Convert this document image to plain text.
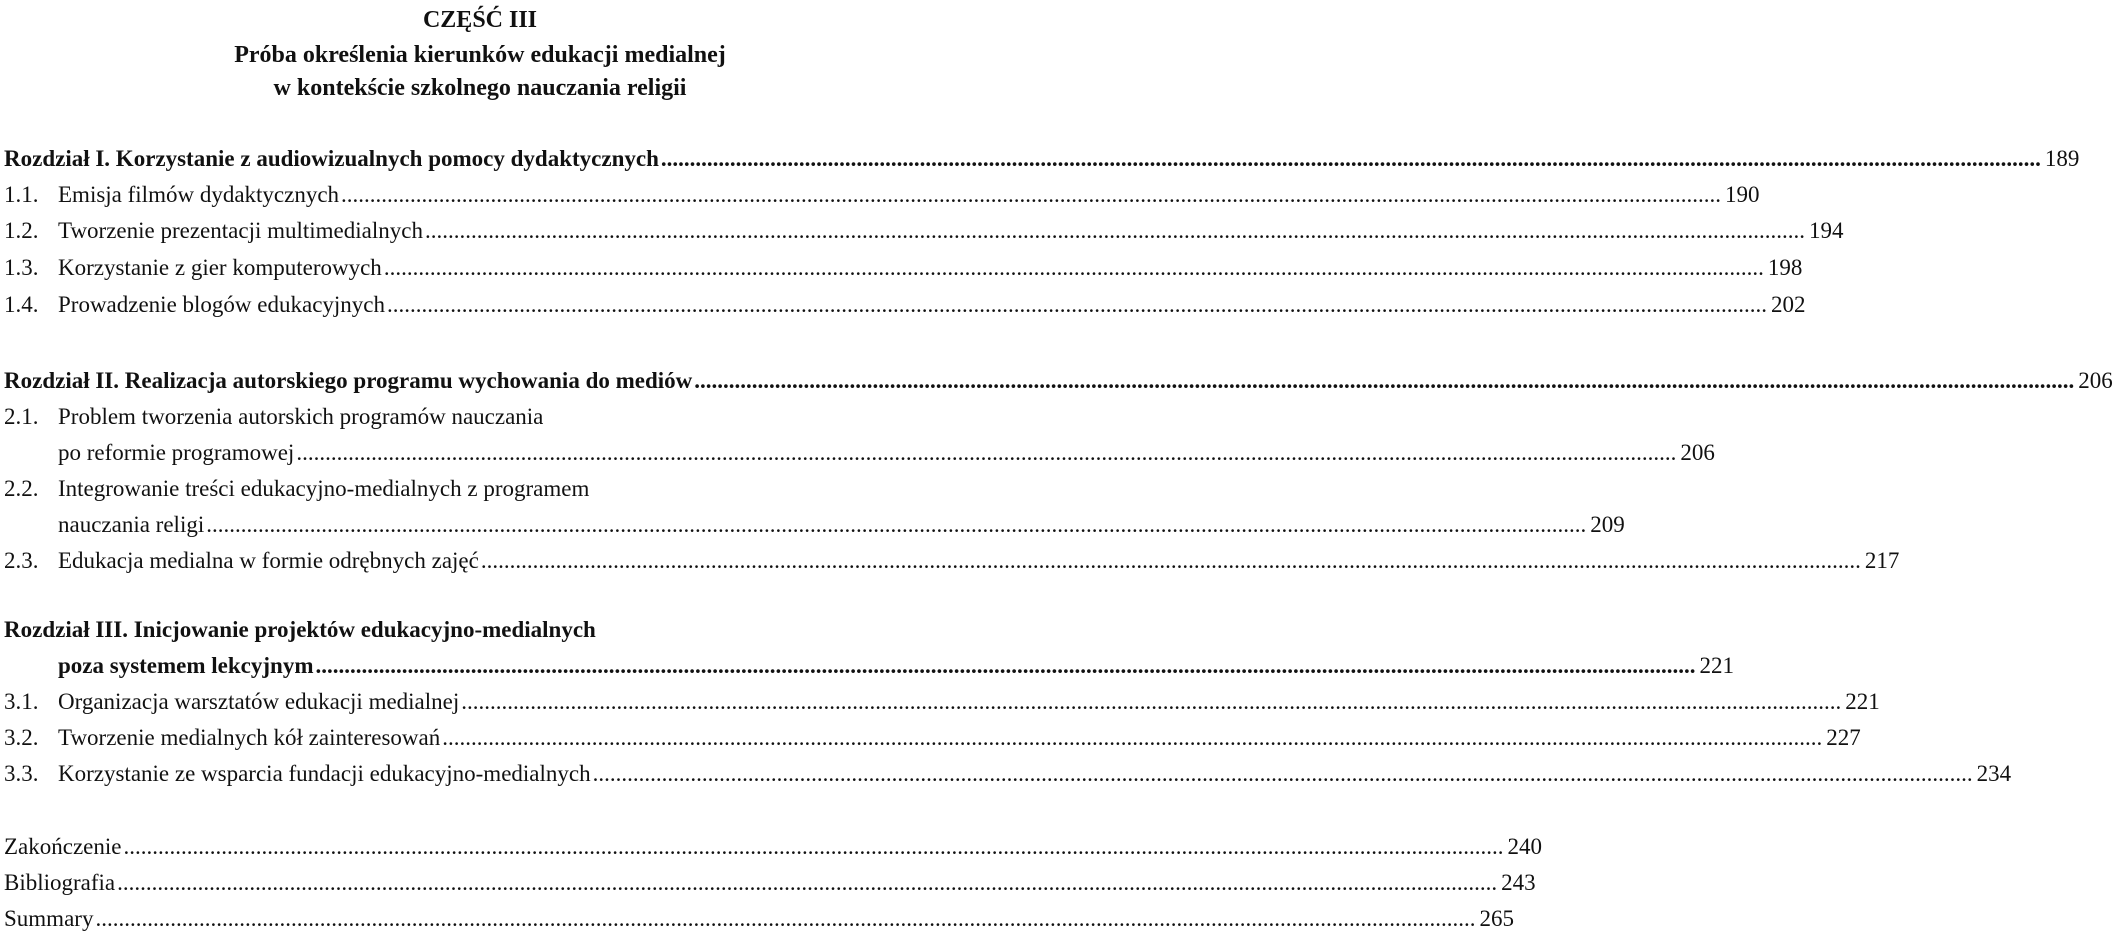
CZĘŚĆ III
Próba określenia kierunków edukacji medialnej
w kontekście szkolnego nauczania religii
Rozdział I. Korzystanie z audiowizualnych pomocy dydaktycznych .....	189
1.1. Emisja filmów dydaktycznych .....	190
1.2. Tworzenie prezentacji multimedialnych .....	194
1.3. Korzystanie z gier komputerowych .....	198
1.4. Prowadzenie blogów edukacyjnych .....	202
Rozdział II. Realizacja autorskiego programu wychowania do mediów .....	206
2.1. Problem tworzenia autorskich programów nauczania
po reformie programowej .....	206
2.2. Integrowanie treści edukacyjno-medialnych z programem
nauczania religi .....	209
2.3. Edukacja medialna w formie odrębnych zajęć .....	217
Rozdział III. Inicjowanie projektów edukacyjno-medialnych
poza systemem lekcyjnym .....	221
3.1. Organizacja warsztatów edukacji medialnej .....	221
3.2. Tworzenie medialnych kół zainteresowań .....	227
3.3. Korzystanie ze wsparcia fundacji edukacyjno-medialnych .....	234
Zakończenie .....	240
Bibliografia .....	243
Summary .....	265
